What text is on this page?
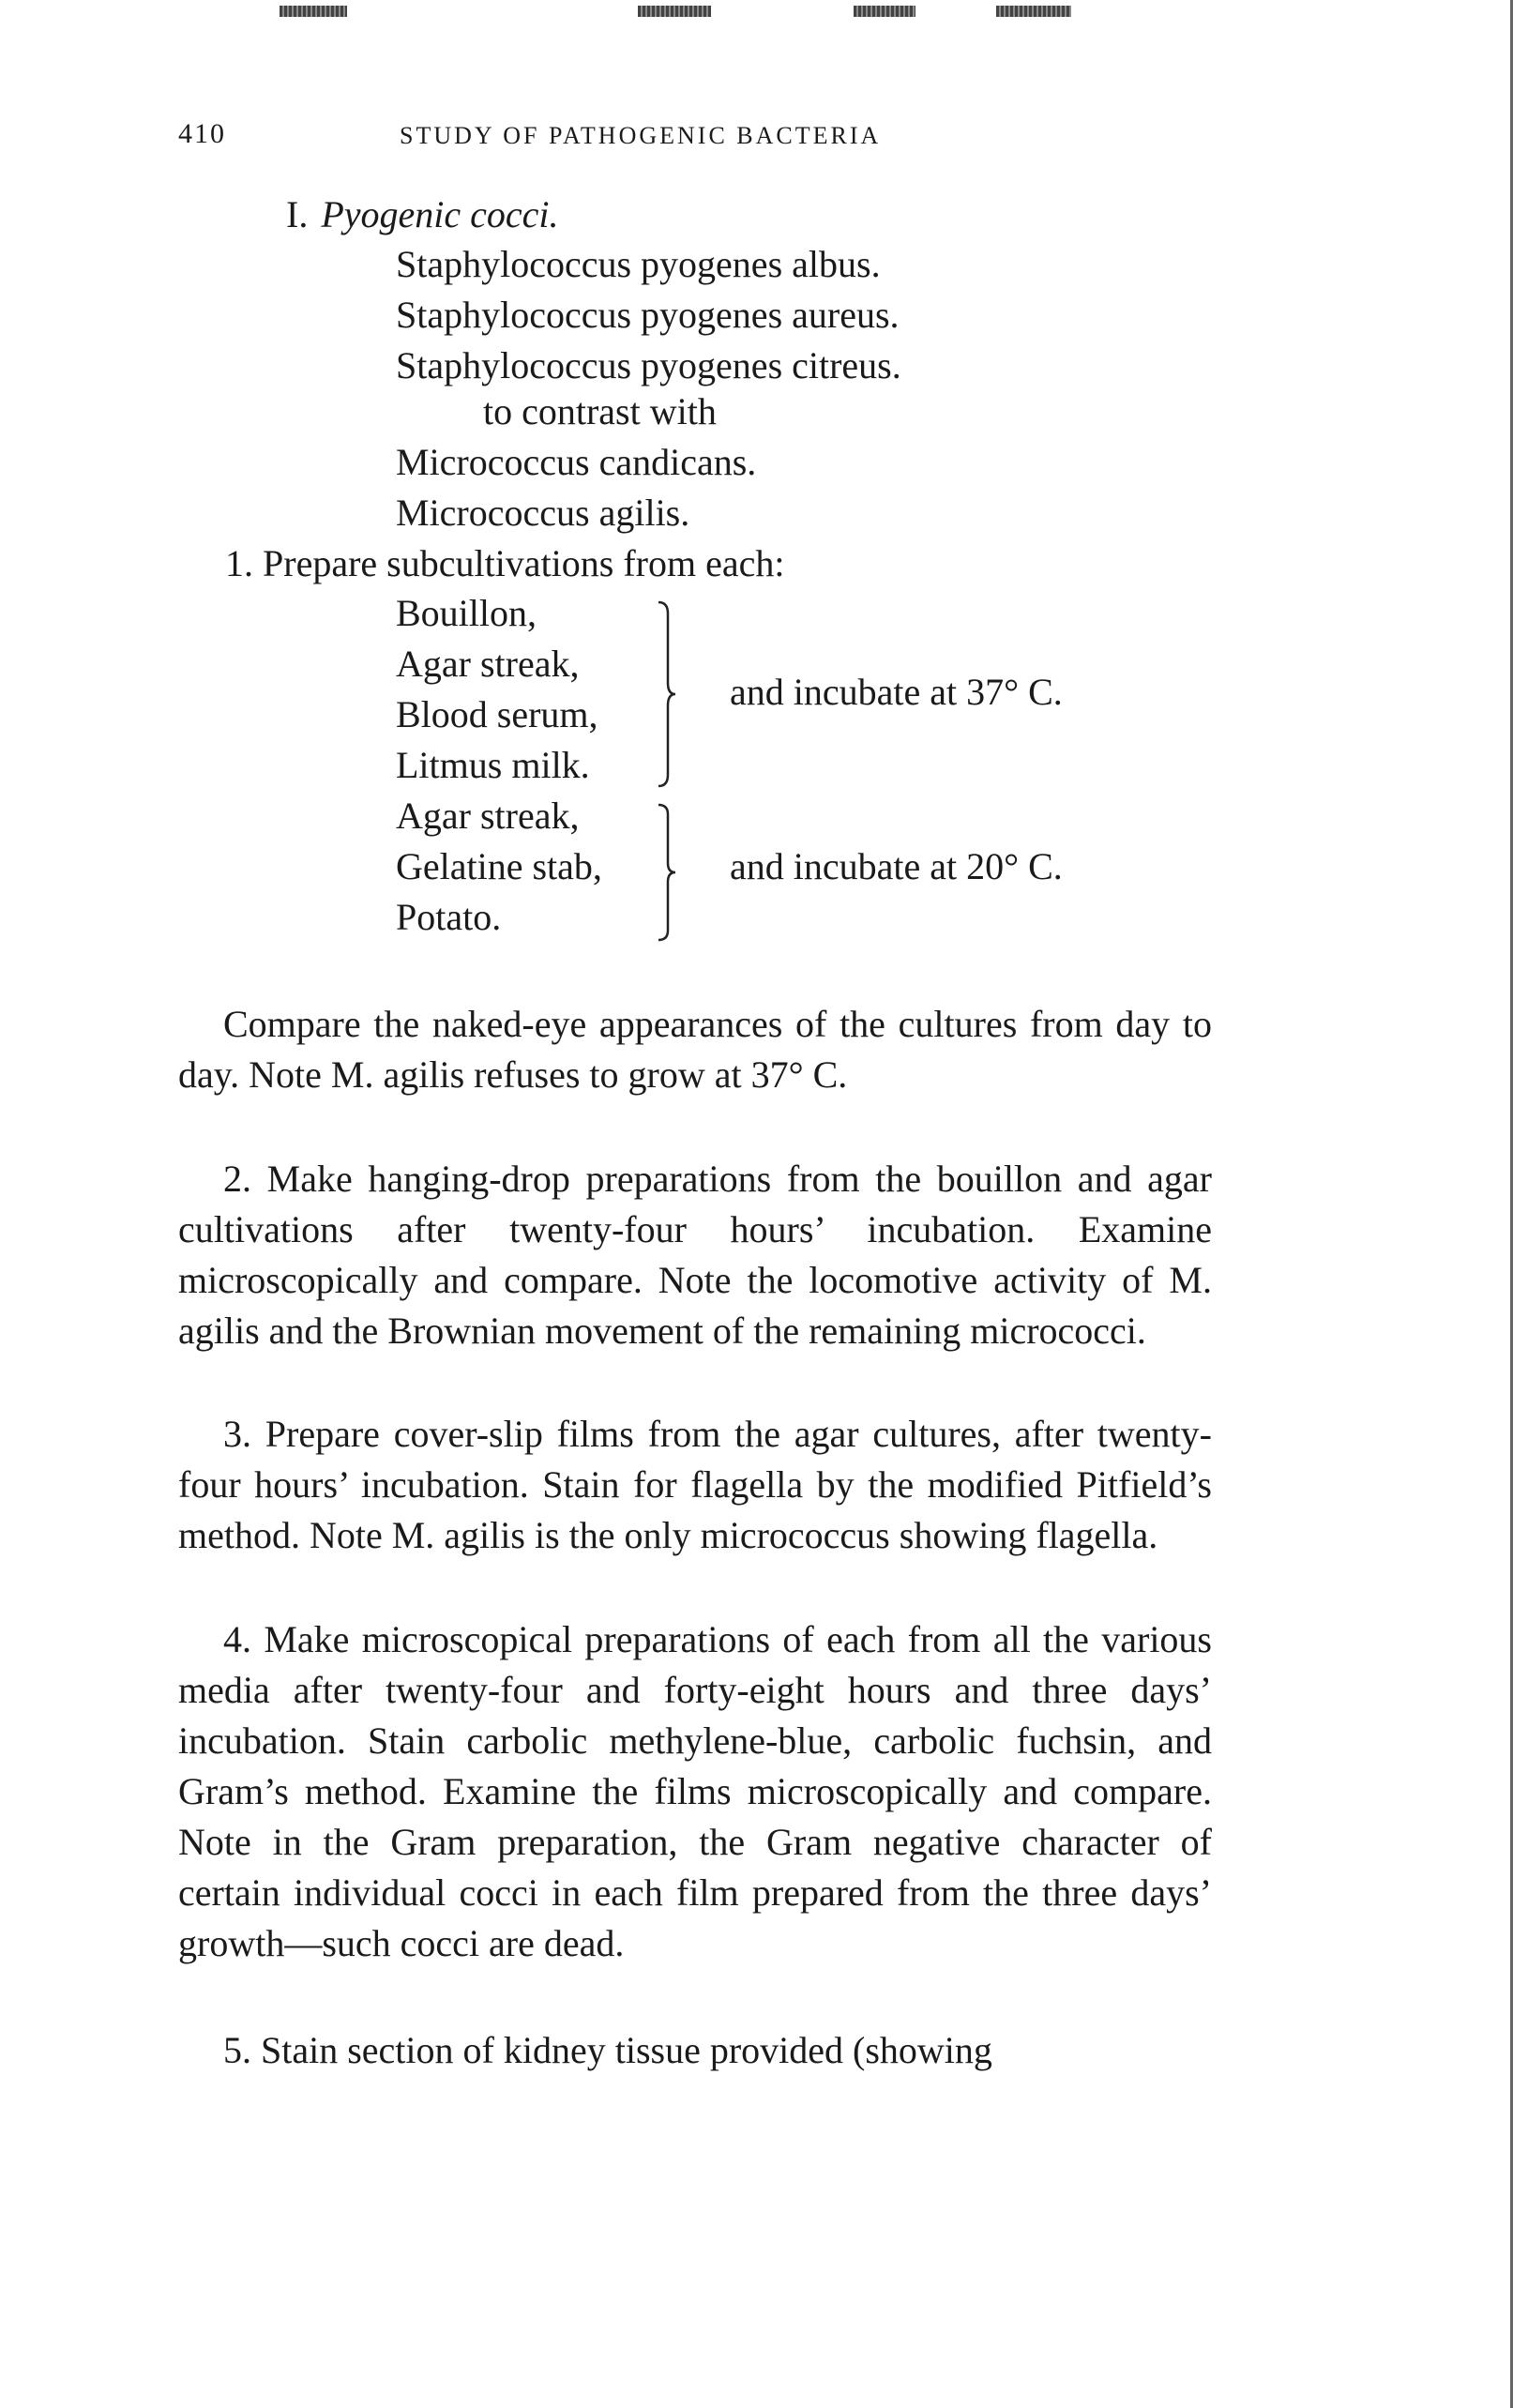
410	STUDY OF PATHOGENIC BACTERIA
I. Pyogenic cocci.
Staphylococcus pyogenes albus.
Staphylococcus pyogenes aureus.
Staphylococcus pyogenes citreus.
to contrast with
Micrococcus candicans.
Micrococcus agilis.
1. Prepare subcultivations from each:
Bouillon,
Agar streak,
Blood serum,
Litmus milk.
and incubate at 37° C.
Agar streak,
Gelatine stab,
Potato.
and incubate at 20° C.
Compare the naked-eye appearances of the cultures from day to day. Note M. agilis refuses to grow at 37° C.
2. Make hanging-drop preparations from the bouillon and agar cultivations after twenty-four hours’ incubation. Examine microscopically and compare. Note the locomotive activity of M. agilis and the Brownian movement of the remaining micrococci.
3. Prepare cover-slip films from the agar cultures, after twenty-four hours’ incubation. Stain for flagella by the modified Pitfield’s method. Note M. agilis is the only micrococcus showing flagella.
4. Make microscopical preparations of each from all the various media after twenty-four and forty-eight hours and three days’ incubation. Stain carbolic methylene-blue, carbolic fuchsin, and Gram’s method. Examine the films microscopically and compare. Note in the Gram preparation, the Gram negative character of certain individual cocci in each film prepared from the three days’ growth—such cocci are dead.
5. Stain section of kidney tissue provided (showing
